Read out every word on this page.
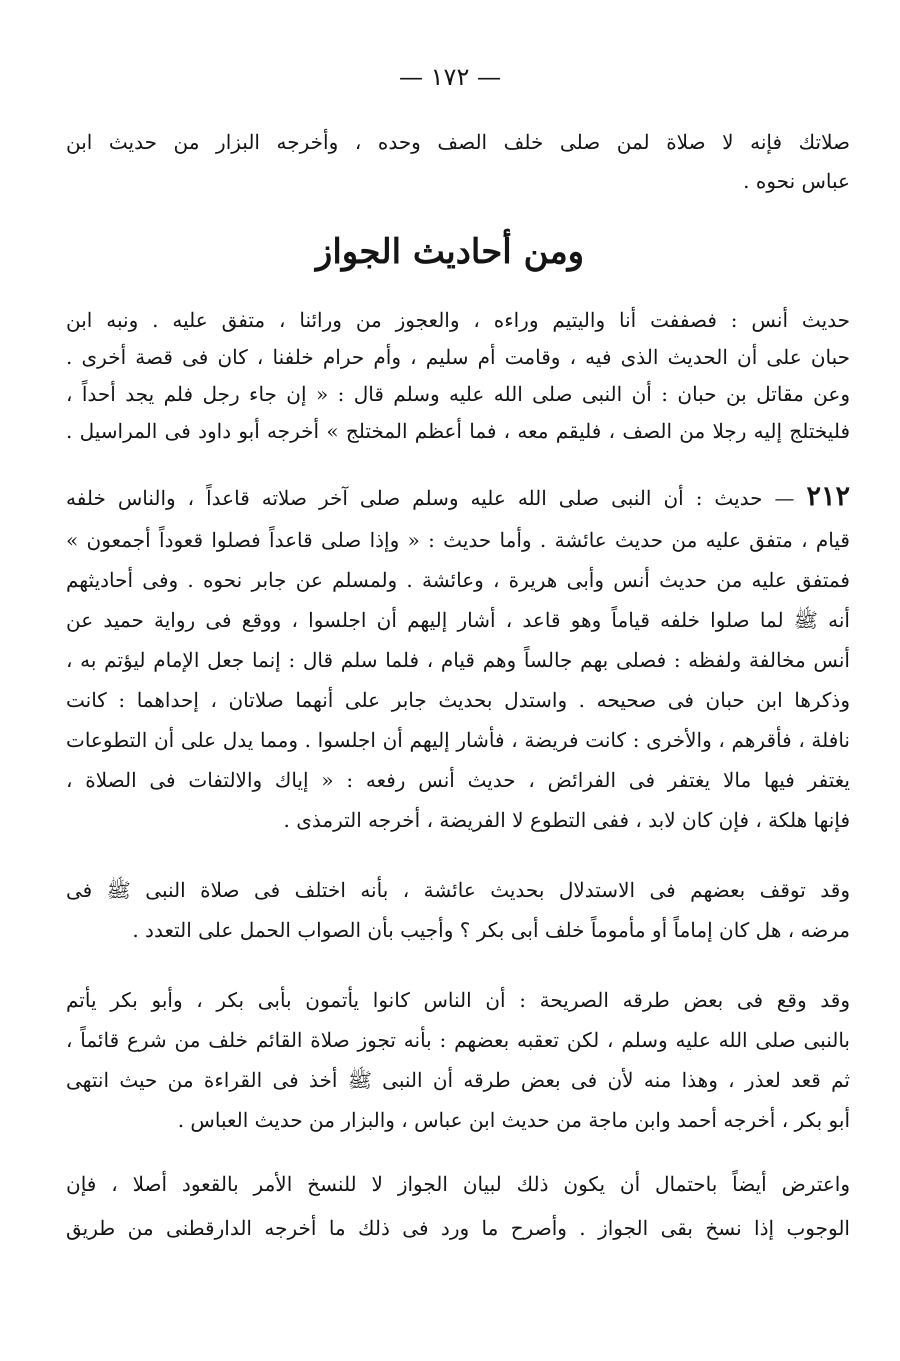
— ١٧٢ —
صلاتك فإنه لا صلاة لمن صلى خلف الصف وحده ، وأخرجه البزار من حديث ابن
عباس نحوه .
ومن أحاديث الجواز
حديث أنس : فصففت أنا واليتيم وراءه ، والعجوز من ورائنا ، متفق عليه . ونبه ابن
حبان على أن الحديث الذى فيه ، وقامت أم سليم ، وأم حرام خلفنا ، كان فى قصة أخرى .
وعن مقاتل بن حبان : أن النبى صلى الله عليه وسلم قال : « إن جاء رجل فلم يجد أحداً ،
فليختلج إليه رجلا من الصف ، فليقم معه ، فما أعظم المختلج » أخرجه أبو داود فى المراسيل .
٢١٢ — حديث : أن النبى صلى الله عليه وسلم صلى آخر صلاته قاعداً ، والناس خلفه
قيام ، متفق عليه من حديث عائشة . وأما حديث : « وإذا صلى قاعداً فصلوا قعوداً أجمعون »
فمتفق عليه من حديث أنس وأبى هريرة ، وعائشة . ولمسلم عن جابر نحوه . وفى أحاديثهم
أنه ﷺ لما صلوا خلفه قياماً وهو قاعد ، أشار إليهم أن اجلسوا ، ووقع فى رواية حميد عن
أنس مخالفة ولفظه : فصلى بهم جالساً وهم قيام ، فلما سلم قال : إنما جعل الإمام ليؤتم به ،
وذكرها ابن حبان فى صحيحه . واستدل بحديث جابر على أنهما صلاتان ، إحداهما : كانت
نافلة ، فأقرهم ، والأخرى : كانت فريضة ، فأشار إليهم أن اجلسوا . ومما يدل على أن التطوعات
يغتفر فيها مالا يغتفر فى الفرائض ، حديث أنس رفعه : « إياك والالتفات فى الصلاة ،
فإنها هلكة ، فإن كان لابد ، ففى التطوع لا الفريضة ، أخرجه الترمذى .
وقد توقف بعضهم فى الاستدلال بحديث عائشة ، بأنه اختلف فى صلاة النبى ﷺ فى
مرضه ، هل كان إماماً أو مأموماً خلف أبى بكر ؟ وأجيب بأن الصواب الحمل على التعدد .
وقد وقع فى بعض طرقه الصريحة : أن الناس كانوا يأتمون بأبى بكر ، وأبو بكر يأتم
بالنبى صلى الله عليه وسلم ، لكن تعقبه بعضهم : بأنه تجوز صلاة القائم خلف من شرع قائماً ،
ثم قعد لعذر ، وهذا منه لأن فى بعض طرقه أن النبى ﷺ أخذ فى القراءة من حيث انتهى
أبو بكر ، أخرجه أحمد وابن ماجة من حديث ابن عباس ، والبزار من حديث العباس .
واعترض أيضاً باحتمال أن يكون ذلك لبيان الجواز لا للنسخ الأمر بالقعود أصلا ، فإن
الوجوب إذا نسخ بقى الجواز . وأصرح ما ورد فى ذلك ما أخرجه الدارقطنى من طريق
